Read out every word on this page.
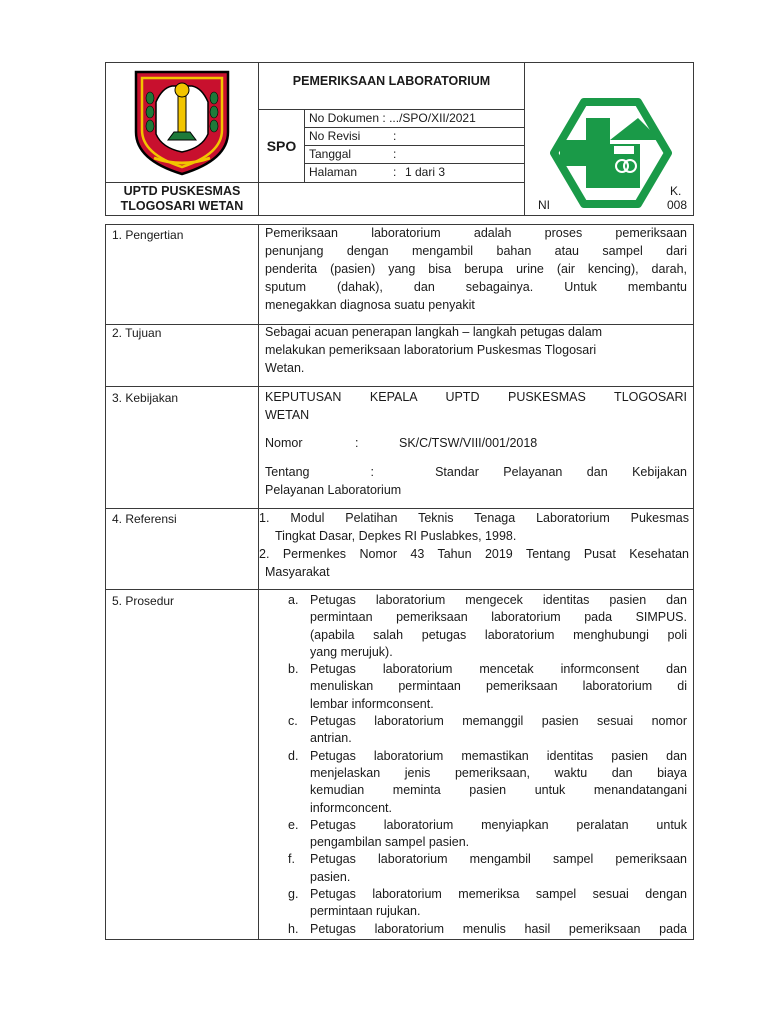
UPTD PUSKESMAS
TLOGOSARI WETAN
PEMERIKSAAN LABORATORIUM
SPO
No Dokumen : .../SPO/XII/2021
No Revisi	:
Tanggal	:
Halaman	: 1 dari 3
K.
NI	008
1. Pengertian	Pemeriksaan laboratorium adalah proses pemeriksaan
penunjang dengan mengambil bahan atau sampel dari
penderita (pasien) yang bisa berupa urine (air kencing), darah,
sputum (dahak), dan sebagainya. Untuk membantu
menegakkan diagnosa suatu penyakit
2. Tujuan	Sebagai acuan penerapan langkah – langkah petugas dalam
melakukan pemeriksaan laboratorium Puskesmas Tlogosari
Wetan.
3. Kebijakan	KEPUTUSAN KEPALA UPTD PUSKESMAS TLOGOSARI
WETAN
Nomor	:	SK/C/TSW/VIII/001/2018
Tentang     :     Standar  Pelayanan  dan  Kebijakan
Pelayanan Laboratorium
4. Referensi	1. Modul Pelatihan Teknis Tenaga Laboratorium Pukesmas
Tingkat Dasar, Depkes RI Puslabkes, 1998.
2. Permenkes Nomor 43 Tahun 2019 Tentang Pusat Kesehatan
Masyarakat
5. Prosedur	a. Petugas laboratorium mengecek identitas pasien dan
permintaan pemeriksaan laboratorium pada SIMPUS.
(apabila salah petugas laboratorium menghubungi poli
yang merujuk).
b. Petugas laboratorium mencetak informconsent dan
menuliskan permintaan pemeriksaan laboratorium di
lembar informconsent.
c. Petugas laboratorium memanggil pasien sesuai nomor
antrian.
d. Petugas laboratorium memastikan identitas pasien dan
menjelaskan jenis pemeriksaan, waktu dan biaya
kemudian meminta pasien untuk menandatangani
informconcent.
e. Petugas laboratorium menyiapkan peralatan untuk
pengambilan sampel pasien.
f. Petugas laboratorium mengambil sampel pemeriksaan
pasien.
g. Petugas laboratorium memeriksa sampel sesuai dengan
permintaan rujukan.
h. Petugas laboratorium menulis hasil pemeriksaan pada
